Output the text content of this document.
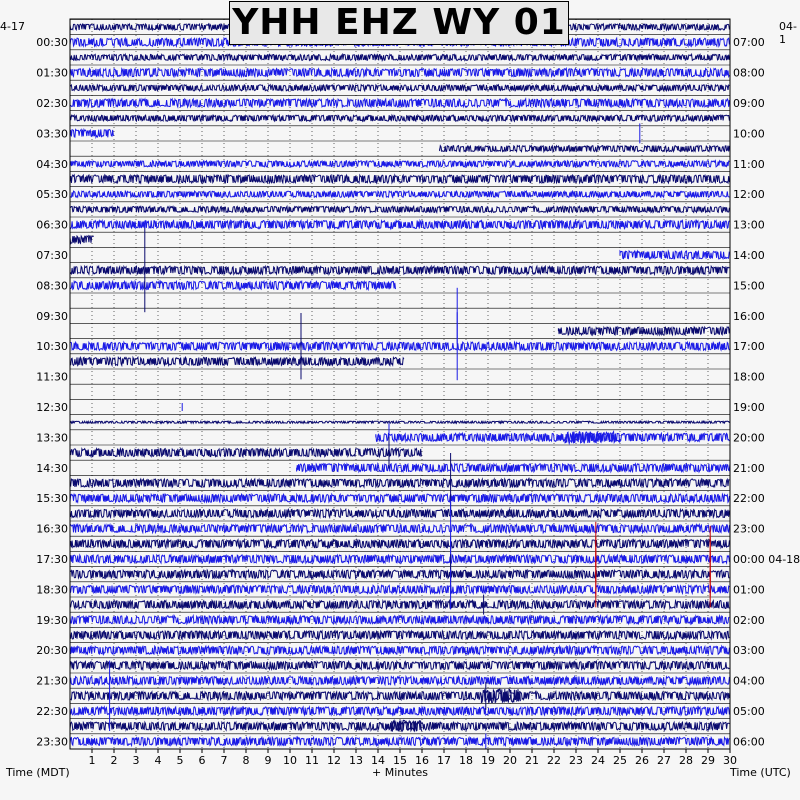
00:30
01:30
02:30
03:30
04:30
05:30
06:30
07:30
08:30
09:30
10:30
11:30
12:30
13:30
14:30
15:30
16:30
17:30
18:30
19:30
20:30
21:30
22:30
23:30
07:00
08:00
09:00
10:00
11:00
12:00
13:00
14:00
15:00
16:00
17:00
18:00
19:00
20:00
21:00
22:00
23:00
00:00 04-18
01:00
02:00
03:00
04:00
05:00
06:00
1 2 3 4 5 6 7 8 9 10 11 12 13 14 15 16 17 18 19 20 21 22 23 24 25 26 27 28 29 30
YHH EHZ WY 01
4-17	04-1
Time (MDT)	+ Minutes	Time (UTC)
